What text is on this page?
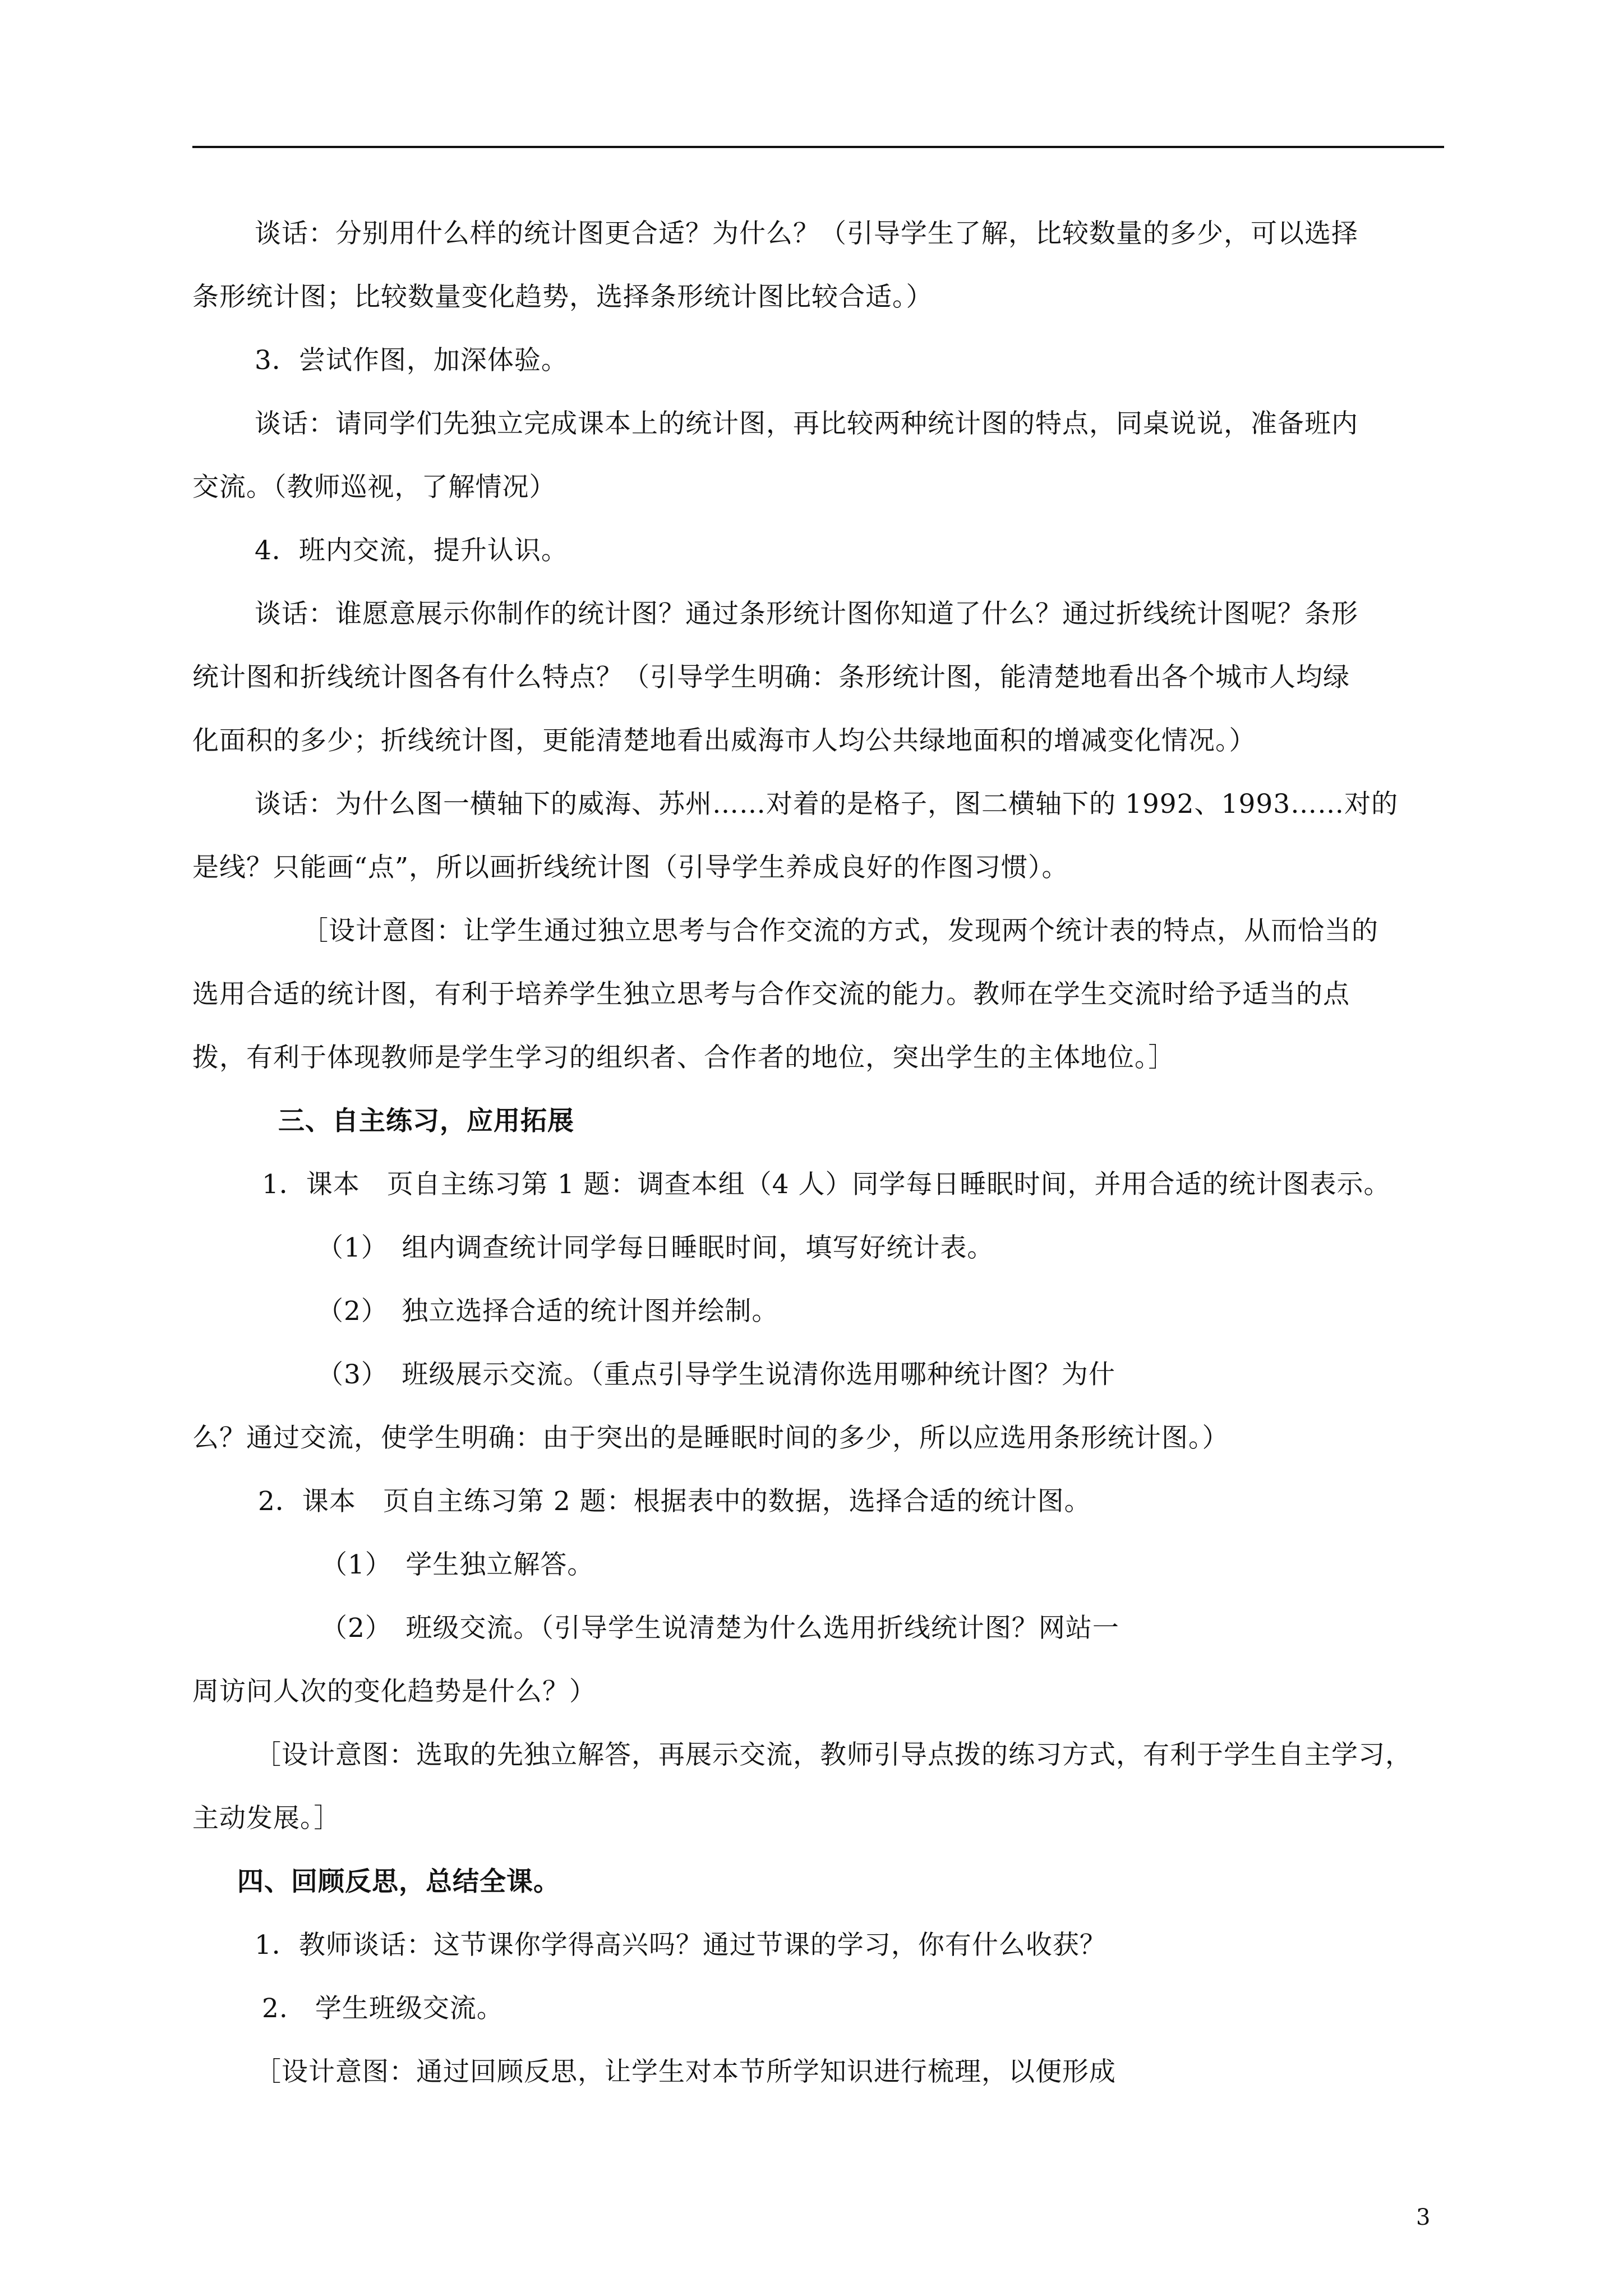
谈话：分别用什么样的统计图更合适？为什么？（引导学生了解，比较数量的多少，可以选择
条形统计图；比较数量变化趋势，选择条形统计图比较合适。）
3．尝试作图，加深体验。
谈话：请同学们先独立完成课本上的统计图，再比较两种统计图的特点，同桌说说，准备班内
交流。（教师巡视，了解情况）
4．班内交流，提升认识。
谈话：谁愿意展示你制作的统计图？通过条形统计图你知道了什么？通过折线统计图呢？条形
统计图和折线统计图各有什么特点？（引导学生明确：条形统计图，能清楚地看出各个城市人均绿
化面积的多少；折线统计图，更能清楚地看出威海市人均公共绿地面积的增减变化情况。）
谈话：为什么图一横轴下的威海、苏州……对着的是格子，图二横轴下的 1992、1993……对的
是线？只能画“点”，所以画折线统计图（引导学生养成良好的作图习惯）。
［设计意图：让学生通过独立思考与合作交流的方式，发现两个统计表的特点，从而恰当的
选用合适的统计图，有利于培养学生独立思考与合作交流的能力。教师在学生交流时给予适当的点
拨，有利于体现教师是学生学习的组织者、合作者的地位，突出学生的主体地位。］
三、自主练习，应用拓展
1．课本　页自主练习第 1 题：调查本组（4 人）同学每日睡眠时间，并用合适的统计图表示。
（1）　组内调查统计同学每日睡眠时间，填写好统计表。
（2）　独立选择合适的统计图并绘制。
（3）　班级展示交流。（重点引导学生说清你选用哪种统计图？为什
么？通过交流，使学生明确：由于突出的是睡眠时间的多少，所以应选用条形统计图。）
2．课本　页自主练习第 2 题：根据表中的数据，选择合适的统计图。
（1）　学生独立解答。
（2）　班级交流。（引导学生说清楚为什么选用折线统计图？网站一
周访问人次的变化趋势是什么？）
［设计意图：选取的先独立解答，再展示交流，教师引导点拨的练习方式，有利于学生自主学习，
主动发展。］
四、回顾反思，总结全课。
1．教师谈话：这节课你学得高兴吗？通过节课的学习，你有什么收获？
2.　学生班级交流。
［设计意图：通过回顾反思，让学生对本节所学知识进行梳理，以便形成
3
